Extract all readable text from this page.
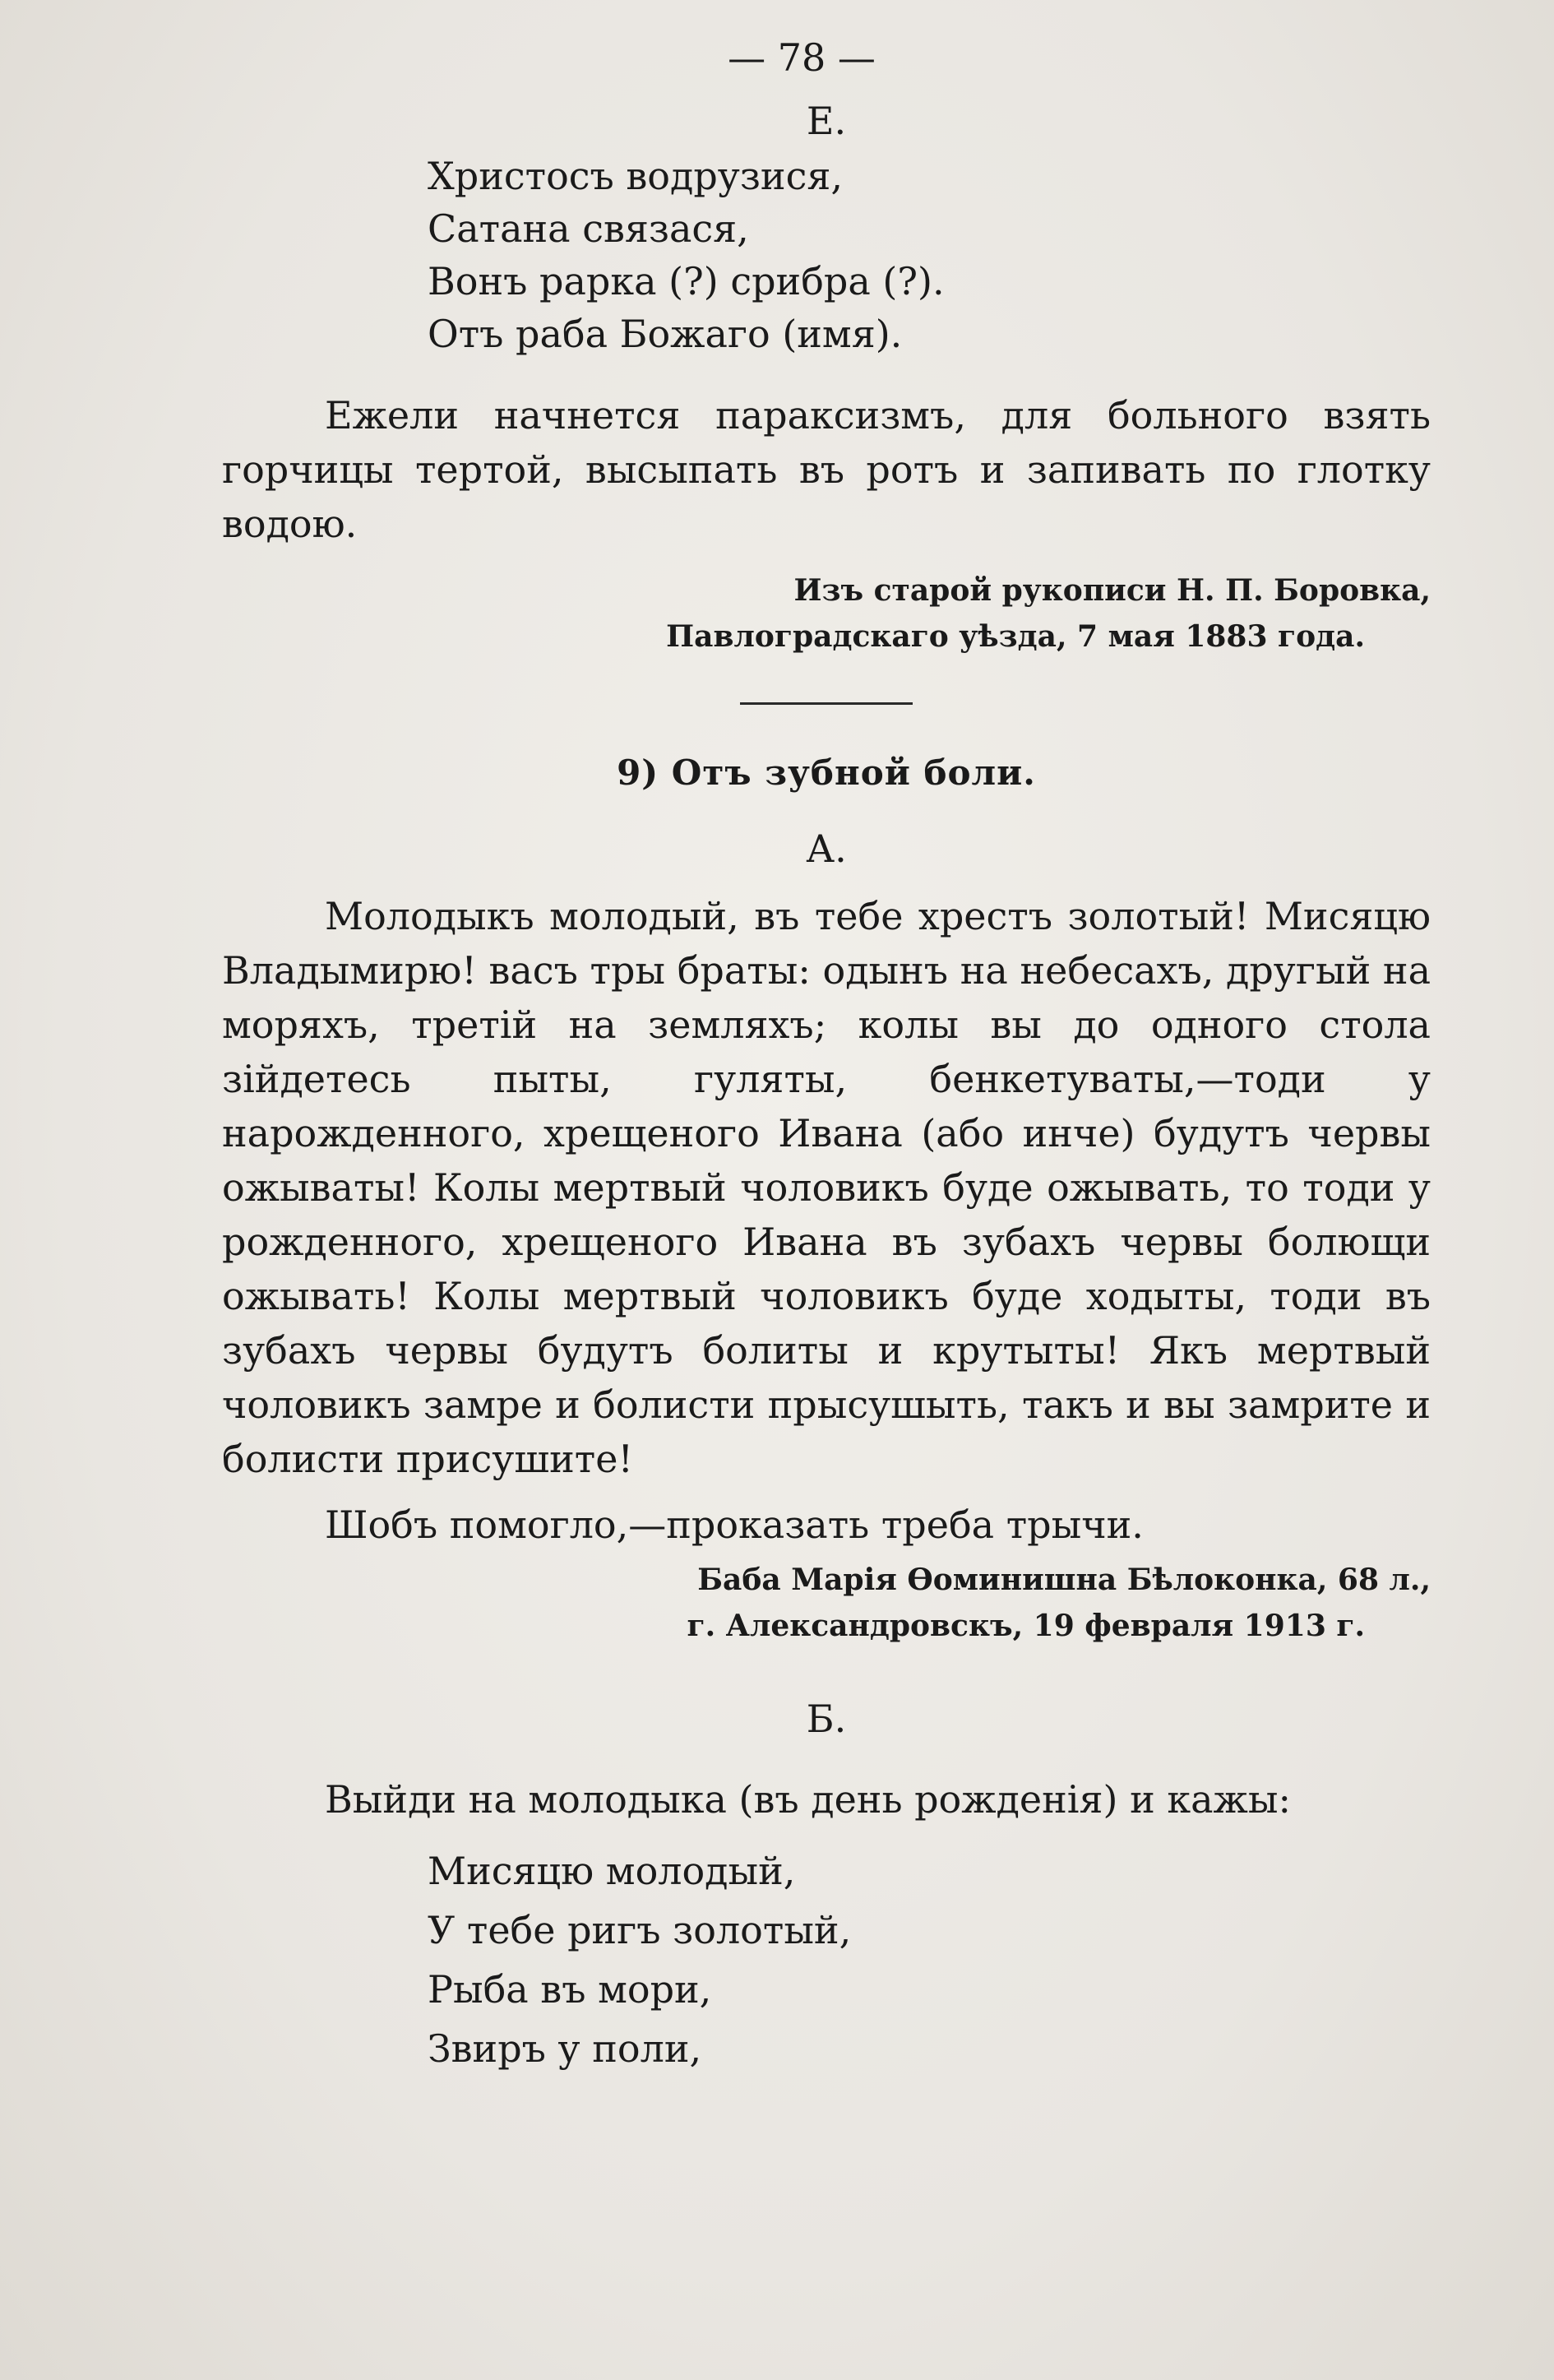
— 78 —
Е.
Христосъ водрузися,
Сатана связася,
Вонъ рарка (?) срибра (?).
Отъ раба Божаго (имя).

Ежели начнется параксизмъ, для больного взять горчицы тертой, высыпать въ ротъ и запивать по глотку водою.

Изъ старой рукописи Н. П. Боровка,
Павлоградскаго уѣзда, 7 мая 1883 года.
9) Отъ зубной боли.
А.

Молодыкъ молодый, въ тебе хрестъ золотый! Мисяцю Владымирю! васъ тры браты: одынъ на небесахъ, другый на моряхъ, третій на земляхъ; колы вы до одного стола зійдетесь пыты, гуляты, бенкетуваты,—тоди у нарожденного, хрещеного Ивана (або инче) будутъ червы ожываты! Колы мертвый чоловикъ буде ожывать, то тоди у рожденного, хрещеного Ивана въ зубахъ червы болющи ожывать! Колы мертвый чоловикъ буде ходыты, тоди въ зубахъ червы будутъ болиты и крутыты! Якъ мертвый чоловикъ замре и болисти прысушыть, такъ и вы замрите и болисти присушите!

Шобъ помогло,—проказать треба трычи.

Баба Марія Ѳоминишна Бѣлоконка, 68 л.,
г. Александровскъ, 19 февраля 1913 г.
Б.

Выйди на молодыка (въ день рожденія) и кажы:

Мисяцю молодый,
У тебе ригъ золотый,
Рыба въ мори,
Звиръ у поли,
